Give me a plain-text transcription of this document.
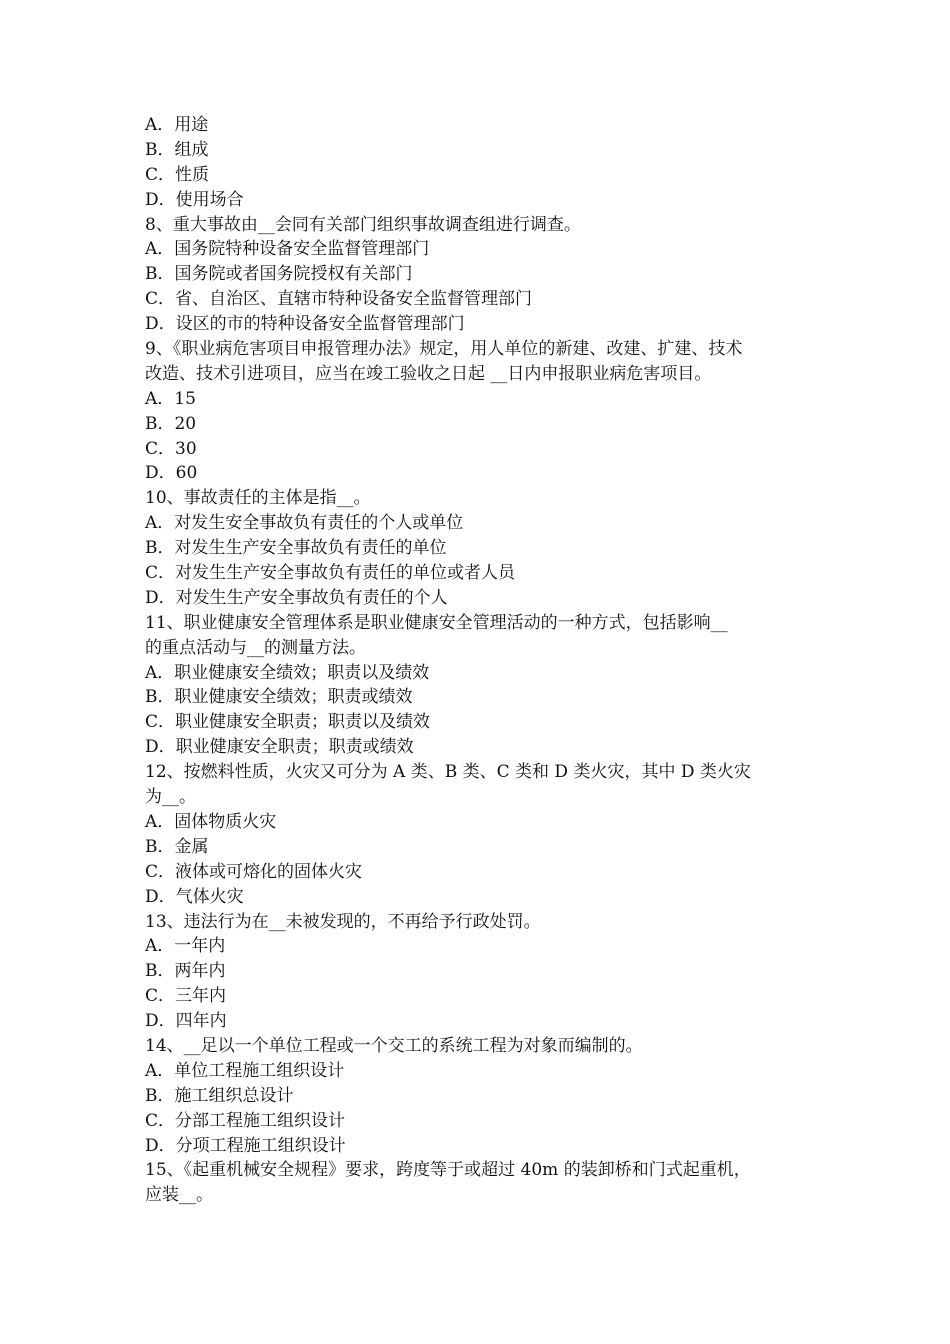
A．用途
B．组成
C．性质
D．使用场合
8、重大事故由__会同有关部门组织事故调查组进行调查。
A．国务院特种设备安全监督管理部门
B．国务院或者国务院授权有关部门
C．省、自治区、直辖市特种设备安全监督管理部门
D．设区的市的特种设备安全监督管理部门
9、《职业病危害项目申报管理办法》规定，用人单位的新建、改建、扩建、技术
改造、技术引进项目，应当在竣工验收之日起 __日内申报职业病危害项目。
A．15
B．20
C．30
D．60
10、事故责任的主体是指__。
A．对发生安全事故负有责任的个人或单位
B．对发生生产安全事故负有责任的单位
C．对发生生产安全事故负有责任的单位或者人员
D．对发生生产安全事故负有责任的个人
11、职业健康安全管理体系是职业健康安全管理活动的一种方式，包括影响__
的重点活动与__的测量方法。
A．职业健康安全绩效；职责以及绩效
B．职业健康安全绩效；职责或绩效
C．职业健康安全职责；职责以及绩效
D．职业健康安全职责；职责或绩效
12、按燃料性质，火灾又可分为 A 类、B 类、C 类和 D 类火灾，其中 D 类火灾
为__。
A．固体物质火灾
B．金属
C．液体或可熔化的固体火灾
D．气体火灾
13、违法行为在__未被发现的，不再给予行政处罚。
A．一年内
B．两年内
C．三年内
D．四年内
14、__足以一个单位工程或一个交工的系统工程为对象而编制的。
A．单位工程施工组织设计
B．施工组织总设计
C．分部工程施工组织设计
D．分项工程施工组织设计
15、《起重机械安全规程》要求，跨度等于或超过 40m 的装卸桥和门式起重机，
应装__。
